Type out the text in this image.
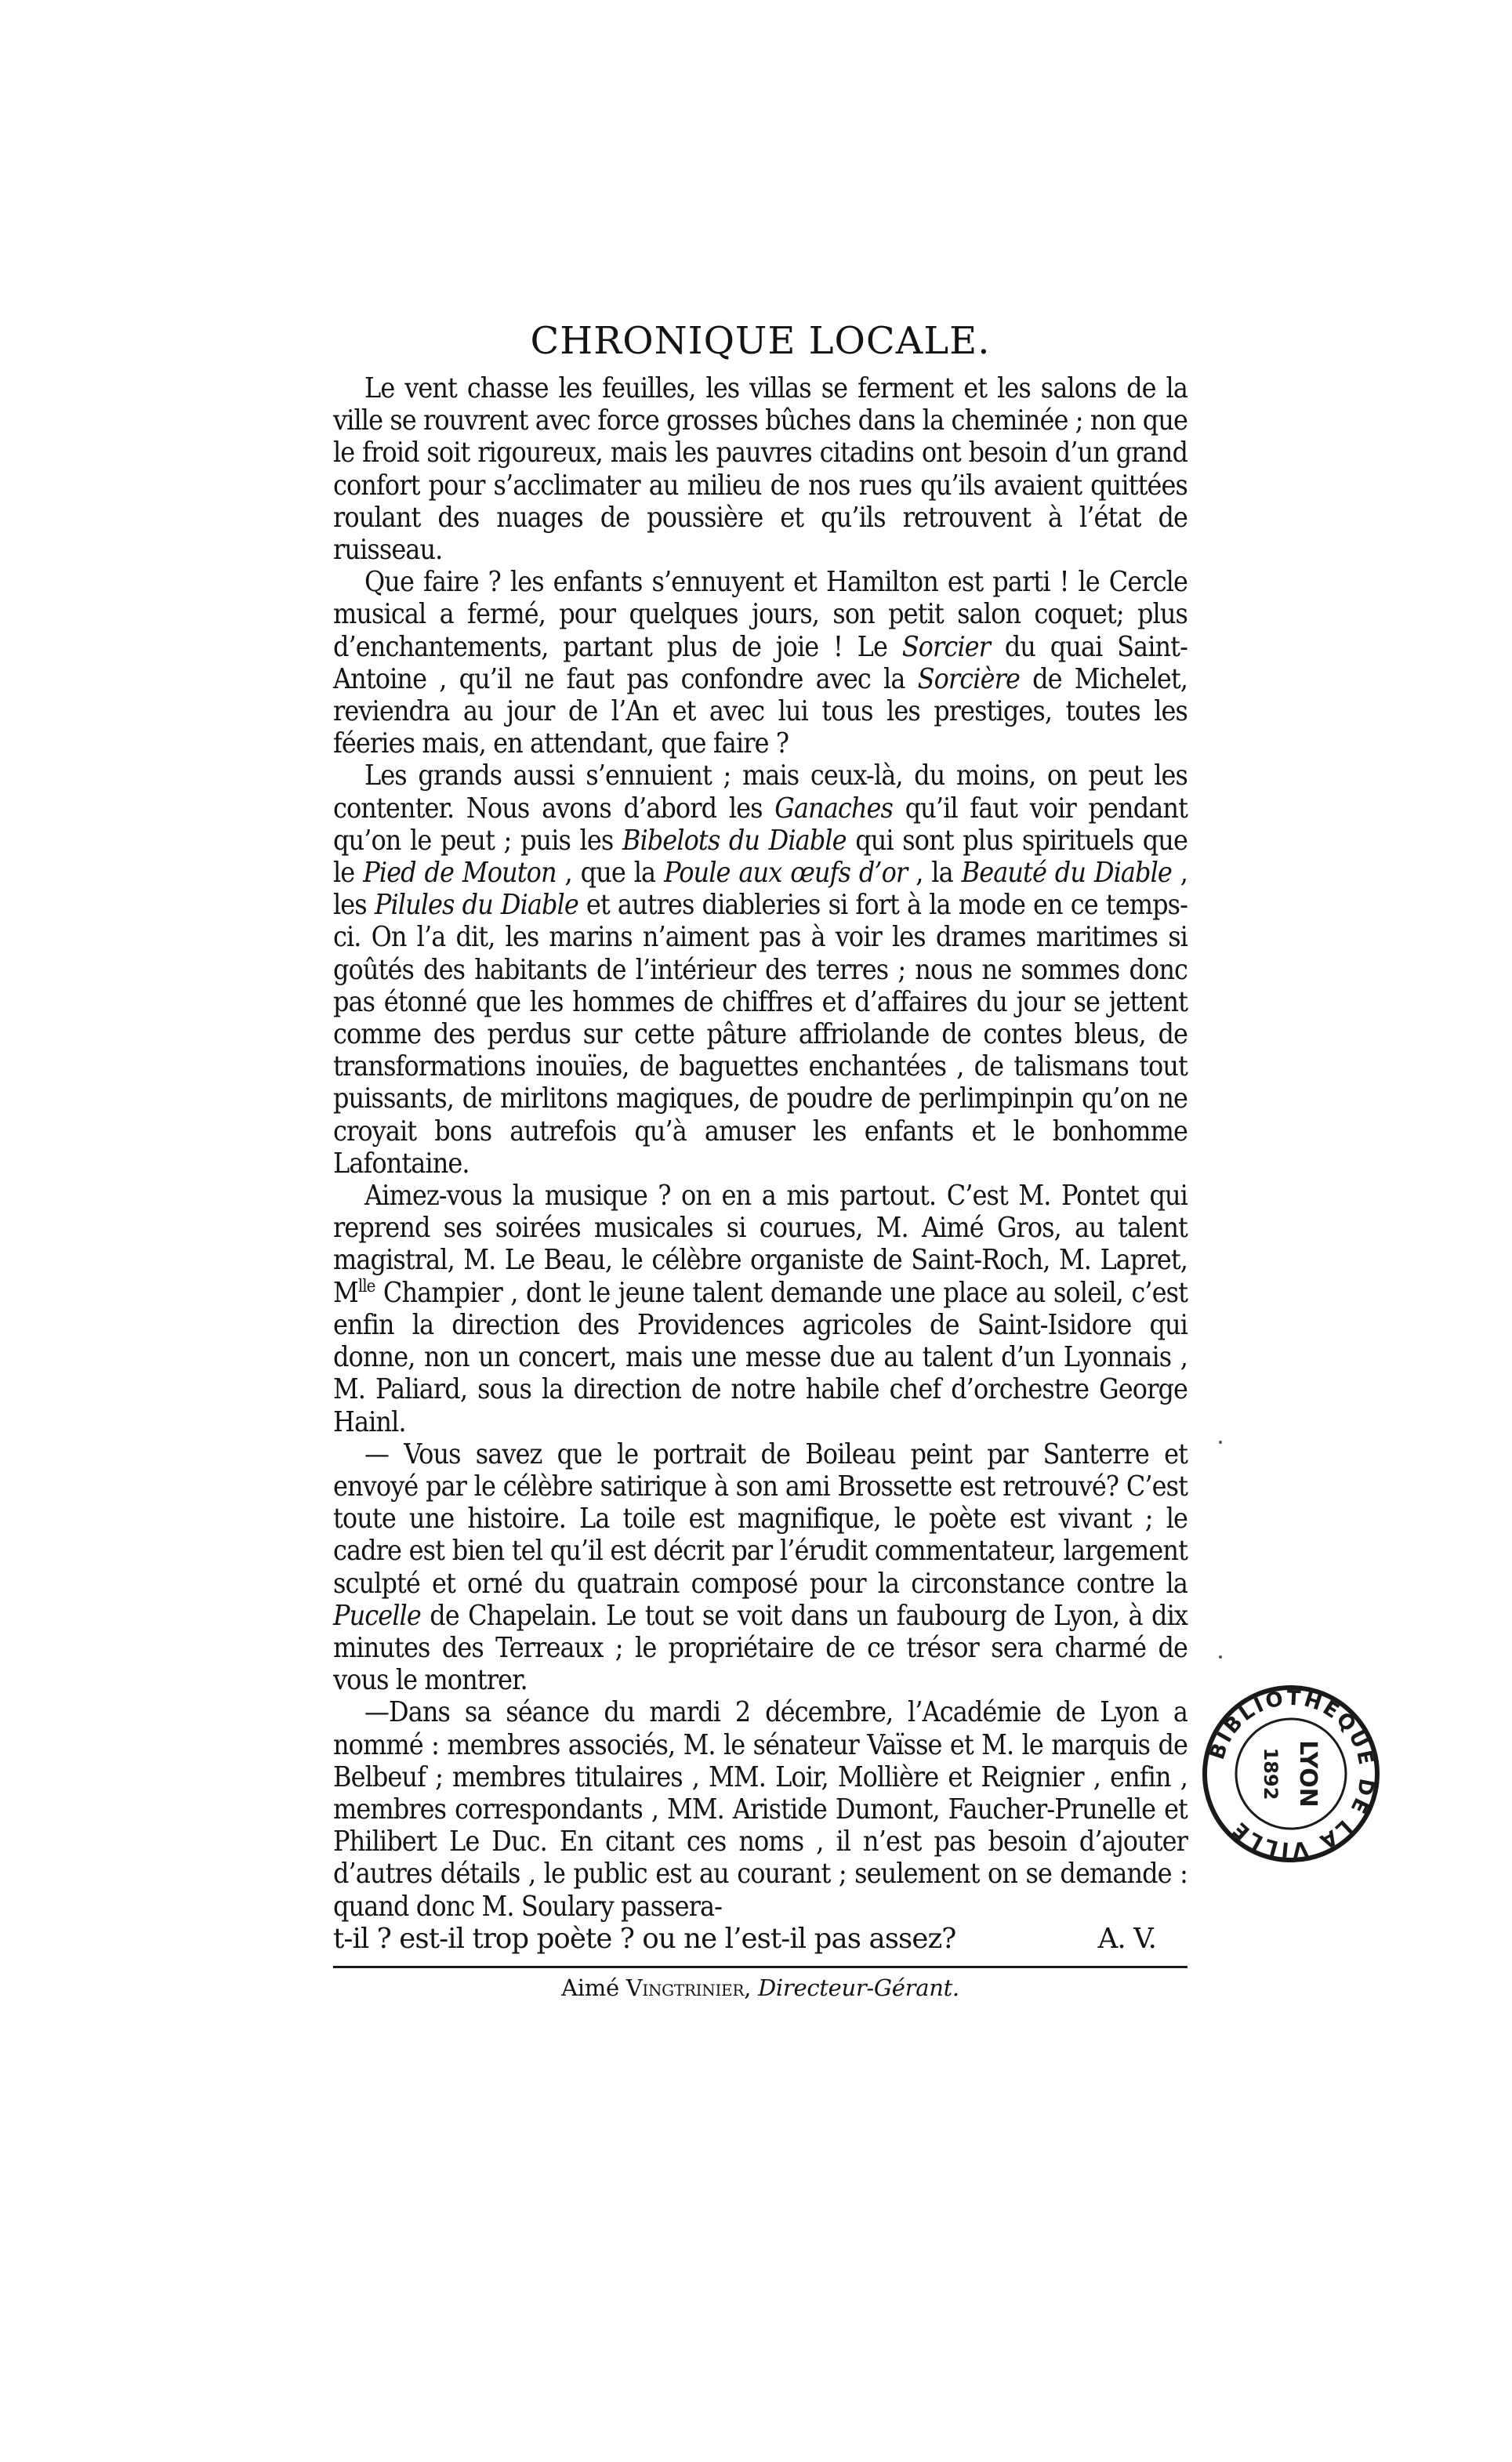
CHRONIQUE LOCALE.

Le vent chasse les feuilles, les villas se ferment et les salons de la ville se rouvrent avec force grosses bûches dans la cheminée ; non que le froid soit rigoureux, mais les pauvres citadins ont besoin d’un grand confort pour s’acclimater au milieu de nos rues qu’ils avaient quittées roulant des nuages de poussière et qu’ils retrouvent à l’état de ruisseau.

Que faire ? les enfants s’ennuyent et Hamilton est parti ! le Cercle musical a fermé, pour quelques jours, son petit salon coquet; plus d’enchantements, partant plus de joie ! Le Sorcier du quai Saint-Antoine , qu’il ne faut pas confondre avec la Sorcière de Michelet, reviendra au jour de l’An et avec lui tous les prestiges, toutes les féeries mais, en attendant, que faire ?

Les grands aussi s’ennuient ; mais ceux-là, du moins, on peut les contenter. Nous avons d’abord les Ganaches qu’il faut voir pendant qu’on le peut ; puis les Bibelots du Diable qui sont plus spirituels que le Pied de Mouton , que la Poule aux œufs d’or , la Beauté du Diable , les Pilules du Diable et autres diableries si fort à la mode en ce temps-ci. On l’a dit, les marins n’aiment pas à voir les drames maritimes si goûtés des habitants de l’intérieur des terres ; nous ne sommes donc pas étonné que les hommes de chiffres et d’affaires du jour se jettent comme des perdus sur cette pâture affriolande de contes bleus, de transformations inouïes, de baguettes enchantées , de talismans tout puissants, de mirlitons magiques, de poudre de perlimpinpin qu’on ne croyait bons autrefois qu’à amuser les enfants et le bonhomme Lafontaine.

Aimez-vous la musique ? on en a mis partout. C’est M. Pontet qui reprend ses soirées musicales si courues, M. Aimé Gros, au talent magistral, M. Le Beau, le célèbre organiste de Saint-Roch, M. Lapret, $M^{lle}$ Champier , dont le jeune talent demande une place au soleil, c’est enfin la direction des Providences agricoles de Saint-Isidore qui donne, non un concert, mais une messe due au talent d’un Lyonnais , M. Paliard, sous la direction de notre habile chef d’orchestre George Hainl.

— Vous savez que le portrait de Boileau peint par Santerre et envoyé par le célèbre satirique à son ami Brossette est retrouvé? C’est toute une histoire. La toile est magnifique, le poète est vivant ; le cadre est bien tel qu’il est décrit par l’érudit commentateur, largement sculpté et orné du quatrain composé pour la circonstance contre la Pucelle de Chapelain. Le tout se voit dans un faubourg de Lyon, à dix minutes des Terreaux ; le propriétaire de ce trésor sera charmé de vous le montrer.

—Dans sa séance du mardi 2 décembre, l’Académie de Lyon a nommé : membres associés, M. le sénateur Vaïsse et M. le marquis de Belbeuf ; membres titulaires , MM. Loir, Mollière et Reignier , enfin , membres correspondants , MM. Aristide Dumont, Faucher-Prunelle et Philibert Le Duc. En citant ces noms , il n’est pas besoin d’ajouter d’autres détails , le public est au courant ; seulement on se demande : quand donc M. Soulary passera-

t-il ? est-il trop poète ? ou ne l’est-il pas assez?	A. V.
Aimé Vingtrinier, Directeur-Gérant.
BIBLIOTHÈQUE DE LA VILLE
LYON
1892
